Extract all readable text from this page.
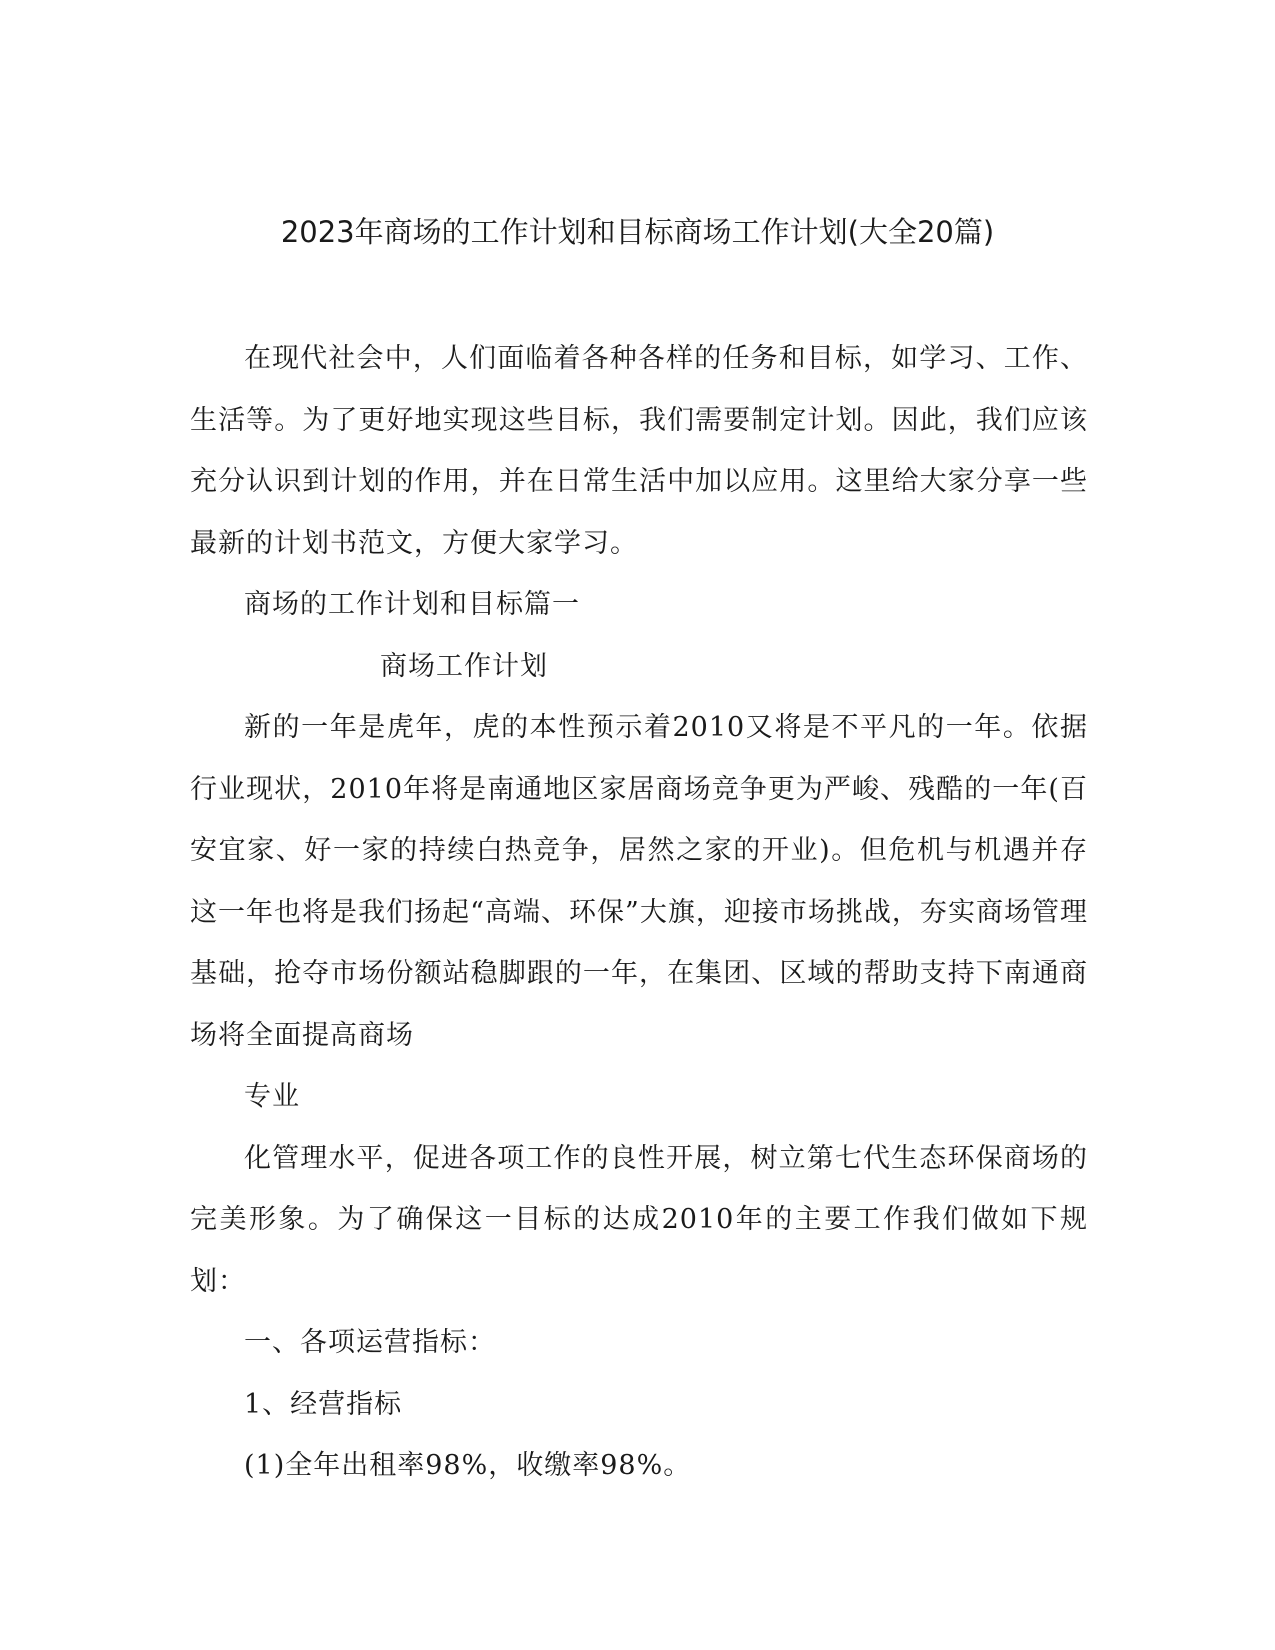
2023年商场的工作计划和目标商场工作计划(大全20篇)

在现代社会中，人们面临着各种各样的任务和目标，如学习、工作、生活等。为了更好地实现这些目标，我们需要制定计划。因此，我们应该充分认识到计划的作用，并在日常生活中加以应用。这里给大家分享一些最新的计划书范文，方便大家学习。

商场的工作计划和目标篇一

商场工作计划

新的一年是虎年，虎的本性预示着2010又将是不平凡的一年。依据行业现状，2010年将是南通地区家居商场竞争更为严峻、残酷的一年(百安宜家、好一家的持续白热竞争，居然之家的开业)。但危机与机遇并存这一年也将是我们扬起“高端、环保”大旗，迎接市场挑战，夯实商场管理基础，抢夺市场份额站稳脚跟的一年，在集团、区域的帮助支持下南通商场将全面提高商场

专业

化管理水平，促进各项工作的良性开展，树立第七代生态环保商场的完美形象。为了确保这一目标的达成2010年的主要工作我们做如下规划：

一、各项运营指标：

1、经营指标

(1)全年出租率98%，收缴率98%。
